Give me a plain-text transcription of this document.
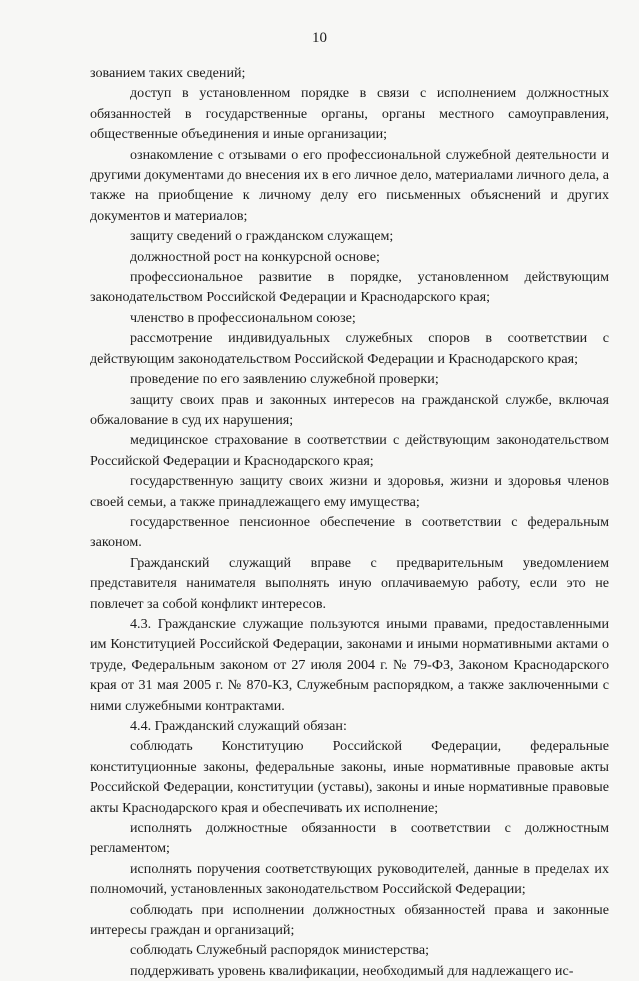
10

зованием таких сведений;

доступ в установленном порядке в связи с исполнением должностных обязанностей в государственные органы, органы местного самоуправления, общественные объединения и иные организации;

ознакомление с отзывами о его профессиональной служебной деятельности и другими документами до внесения их в его личное дело, материалами личного дела, а также на приобщение к личному делу его письменных объяснений и других документов и материалов;

защиту сведений о гражданском служащем;

должностной рост на конкурсной основе;

профессиональное развитие в порядке, установленном действующим законодательством Российской Федерации и Краснодарского края;

членство в профессиональном союзе;

рассмотрение индивидуальных служебных споров в соответствии с действующим законодательством Российской Федерации и Краснодарского края;

проведение по его заявлению служебной проверки;

защиту своих прав и законных интересов на гражданской службе, включая обжалование в суд их нарушения;

медицинское страхование в соответствии с действующим законодательством Российской Федерации и Краснодарского края;

государственную защиту своих жизни и здоровья, жизни и здоровья членов своей семьи, а также принадлежащего ему имущества;

государственное пенсионное обеспечение в соответствии с федеральным законом.

Гражданский служащий вправе с предварительным уведомлением представителя нанимателя выполнять иную оплачиваемую работу, если это не повлечет за собой конфликт интересов.

4.3. Гражданские служащие пользуются иными правами, предоставленными им Конституцией Российской Федерации, законами и иными нормативными актами о труде, Федеральным законом от 27 июля 2004 г. № 79-ФЗ, Законом Краснодарского края от 31 мая 2005 г. № 870-КЗ, Служебным распорядком, а также заключенными с ними служебными контрактами.

4.4. Гражданский служащий обязан:

соблюдать Конституцию Российской Федерации, федеральные конституционные законы, федеральные законы, иные нормативные правовые акты Российской Федерации, конституции (уставы), законы и иные нормативные правовые акты Краснодарского края и обеспечивать их исполнение;

исполнять должностные обязанности в соответствии с должностным регламентом;

исполнять поручения соответствующих руководителей, данные в пределах их полномочий, установленных законодательством Российской Федерации;

соблюдать при исполнении должностных обязанностей права и законные интересы граждан и организаций;

соблюдать Служебный распорядок министерства;

поддерживать уровень квалификации, необходимый для надлежащего ис-
